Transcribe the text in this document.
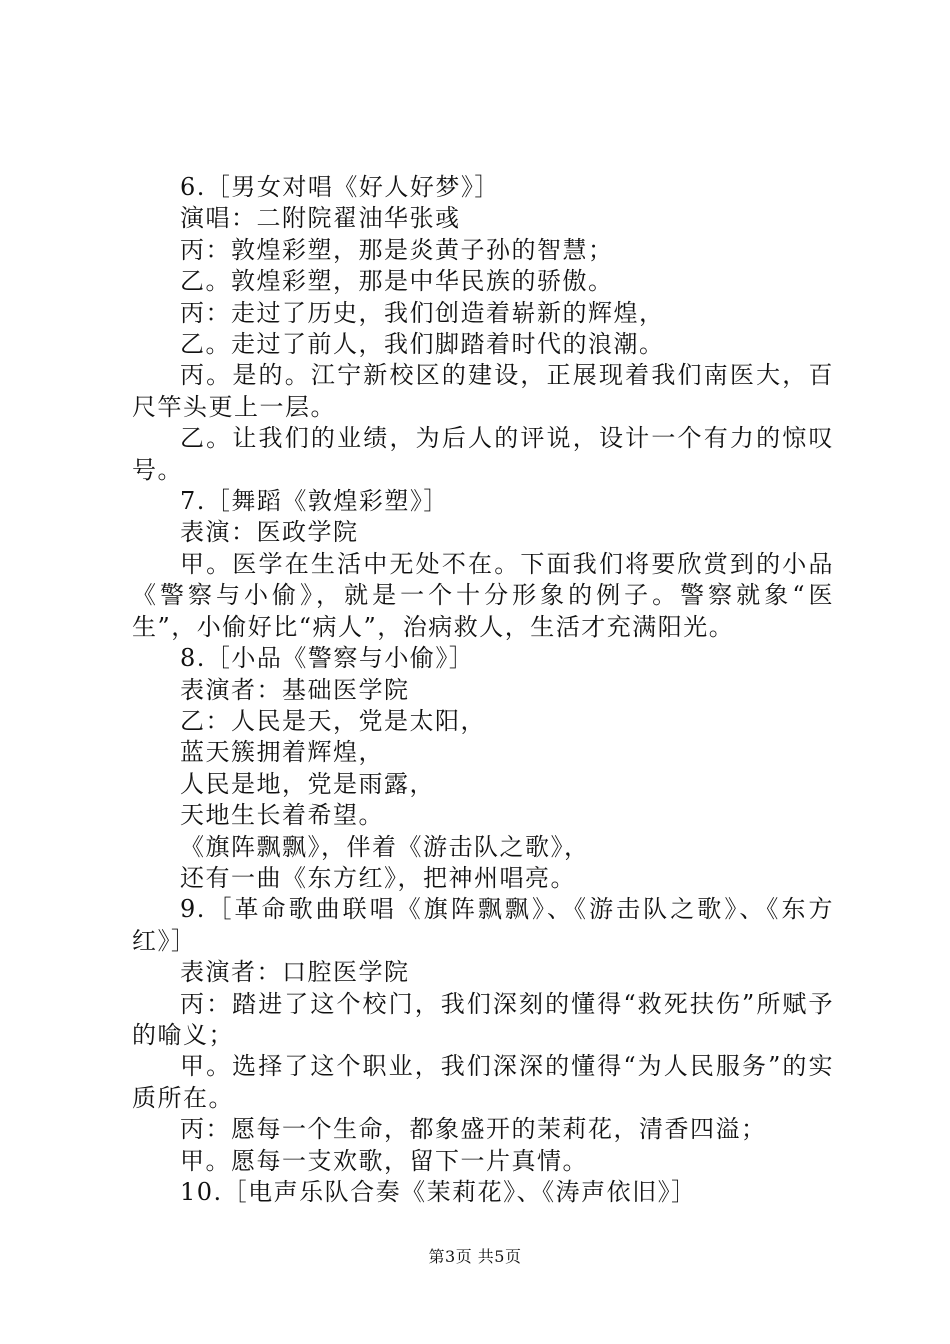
6.［男女对唱《好人好梦》］

演唱：二附院翟油华张彧

丙：敦煌彩塑，那是炎黄子孙的智慧；

乙。敦煌彩塑，那是中华民族的骄傲。

丙：走过了历史，我们创造着崭新的辉煌，

乙。走过了前人，我们脚踏着时代的浪潮。

丙。是的。江宁新校区的建设，正展现着我们南医大，百尺竿头更上一层。

乙。让我们的业绩，为后人的评说，设计一个有力的惊叹号。

7.［舞蹈《敦煌彩塑》］

表演：医政学院

甲。医学在生活中无处不在。下面我们将要欣赏到的小品《警察与小偷》，就是一个十分形象的例子。警察就象“医生”，小偷好比“病人”，治病救人，生活才充满阳光。

8.［小品《警察与小偷》］

表演者：基础医学院

乙：人民是天，党是太阳，

蓝天簇拥着辉煌，

人民是地，党是雨露，

天地生长着希望。

《旗阵飘飘》，伴着《游击队之歌》，

还有一曲《东方红》，把神州唱亮。

9.［革命歌曲联唱《旗阵飘飘》、《游击队之歌》、《东方红》］

表演者：口腔医学院

丙：踏进了这个校门，我们深刻的懂得“救死扶伤”所赋予的喻义；

甲。选择了这个职业，我们深深的懂得“为人民服务”的实质所在。

丙：愿每一个生命，都象盛开的茉莉花，清香四溢；

甲。愿每一支欢歌，留下一片真情。

10.［电声乐队合奏《茉莉花》、《涛声依旧》］

第3页 共5页
